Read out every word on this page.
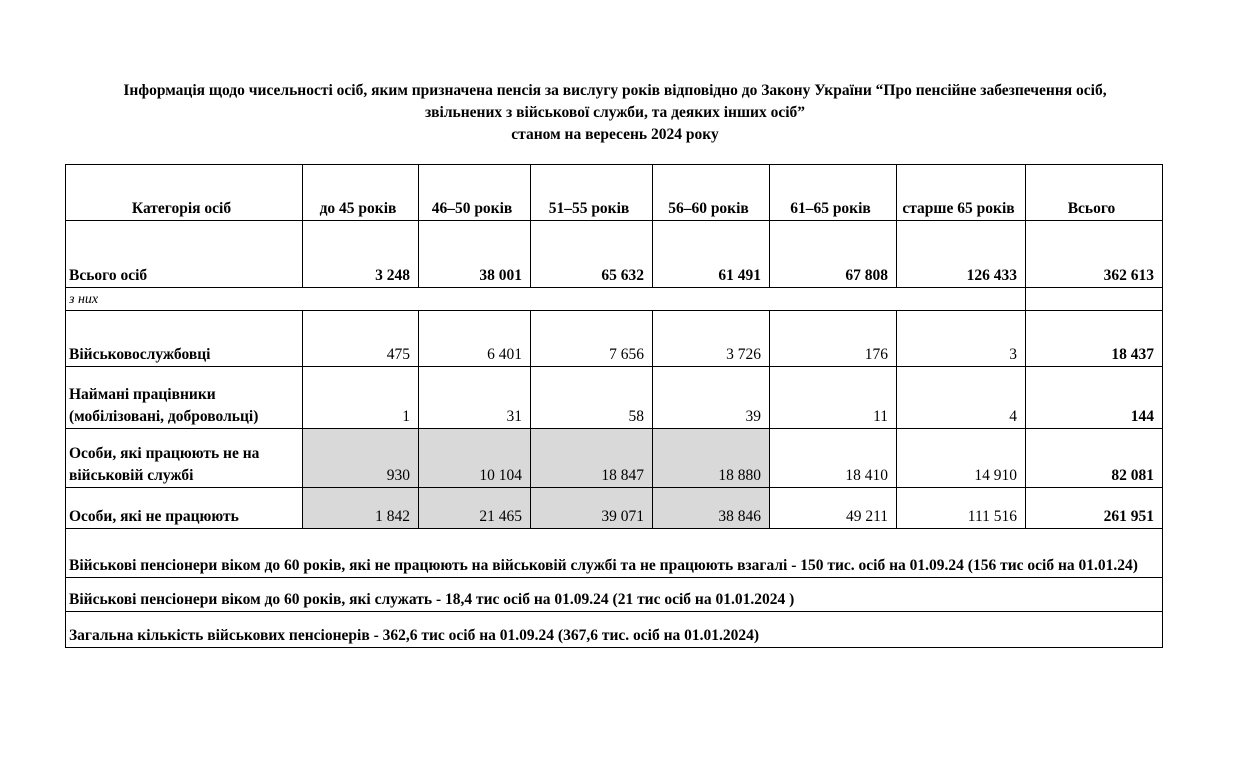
Інформація щодо чисельності осіб, яким призначена пенсія за вислугу років відповідно до Закону України “Про пенсійне забезпечення осіб,
звільнених з військової служби, та деяких інших осіб”
станом на вересень 2024 року
Категорія осіб	до 45 років	46–50 років	51–55 років	56–60 років	61–65 років	старше 65 років	Всього
Всього осіб	3 248	38 001	65 632	61 491	67 808	126 433	362 613
з них							
Військовослужбовці	475	6 401	7 656	3 726	176	3	18 437
Наймані працівники
(мобілізовані, добровольці)	1	31	58	39	11	4	144
Особи, які працюють не на
військовій службі	930	10 104	18 847	18 880	18 410	14 910	82 081
Особи, які не працюють	1 842	21 465	39 071	38 846	49 211	111 516	261 951
Військові пенсіонери віком до 60 років, які не працюють на військовій службі та не працюють взагалі - 150 тис. осіб на 01.09.24 (156 тис осіб на 01.01.24)							
Військові пенсіонери віком до 60 років, які служать - 18,4 тис осіб на 01.09.24 (21 тис осіб на 01.01.2024 )							
Загальна кількість військових пенсіонерів - 362,6 тис осіб на 01.09.24 (367,6 тис. осіб на 01.01.2024)							
